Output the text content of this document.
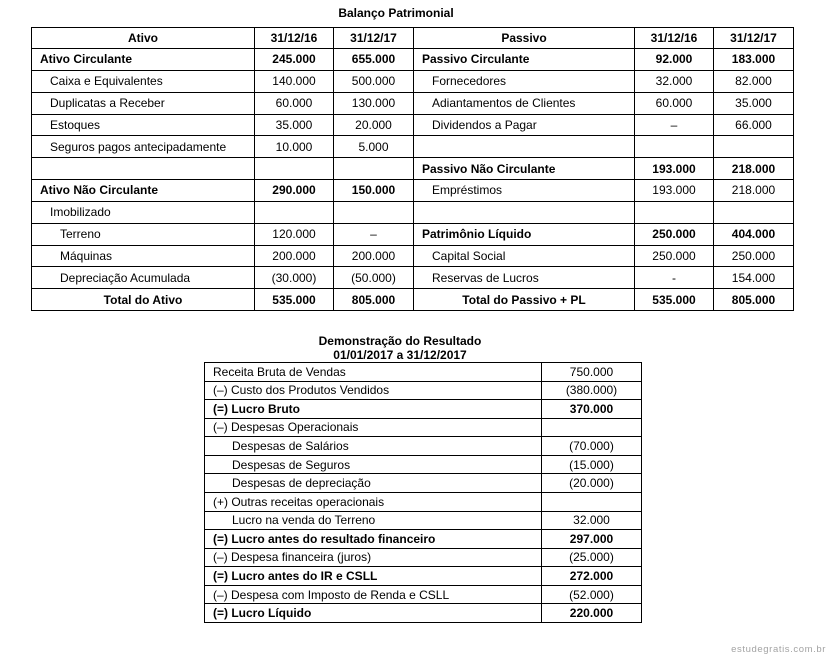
Balanço Patrimonial
Ativo	31/12/16	31/12/17	Passivo	31/12/16	31/12/17
Ativo Circulante	245.000	655.000	Passivo Circulante	92.000	183.000
Caixa e Equivalentes	140.000	500.000	Fornecedores	32.000	82.000
Duplicatas a Receber	60.000	130.000	Adiantamentos de Clientes	60.000	35.000
Estoques	35.000	20.000	Dividendos a Pagar	–	66.000
Seguros pagos antecipadamente	10.000	5.000			
			Passivo Não Circulante	193.000	218.000
Ativo Não Circulante	290.000	150.000	Empréstimos	193.000	218.000
Imobilizado					
Terreno	120.000	–	Patrimônio Líquido	250.000	404.000
Máquinas	200.000	200.000	Capital Social	250.000	250.000
Depreciação Acumulada	(30.000)	(50.000)	Reservas de Lucros	-	154.000
Total do Ativo	535.000	805.000	Total do Passivo + PL	535.000	805.000
Demonstração do Resultado
01/01/2017 a 31/12/2017
Receita Bruta de Vendas	750.000
(–) Custo dos Produtos Vendidos	(380.000)
(=) Lucro Bruto	370.000
(–) Despesas Operacionais	
Despesas de Salários	(70.000)
Despesas de Seguros	(15.000)
Despesas de depreciação	(20.000)
(+) Outras receitas operacionais	
Lucro na venda do Terreno	32.000
(=) Lucro antes do resultado financeiro	297.000
(–) Despesa financeira (juros)	(25.000)
(=) Lucro antes do IR e CSLL	272.000
(–) Despesa com Imposto de Renda e CSLL	(52.000)
(=) Lucro Líquido	220.000
estudegratis.com.br
